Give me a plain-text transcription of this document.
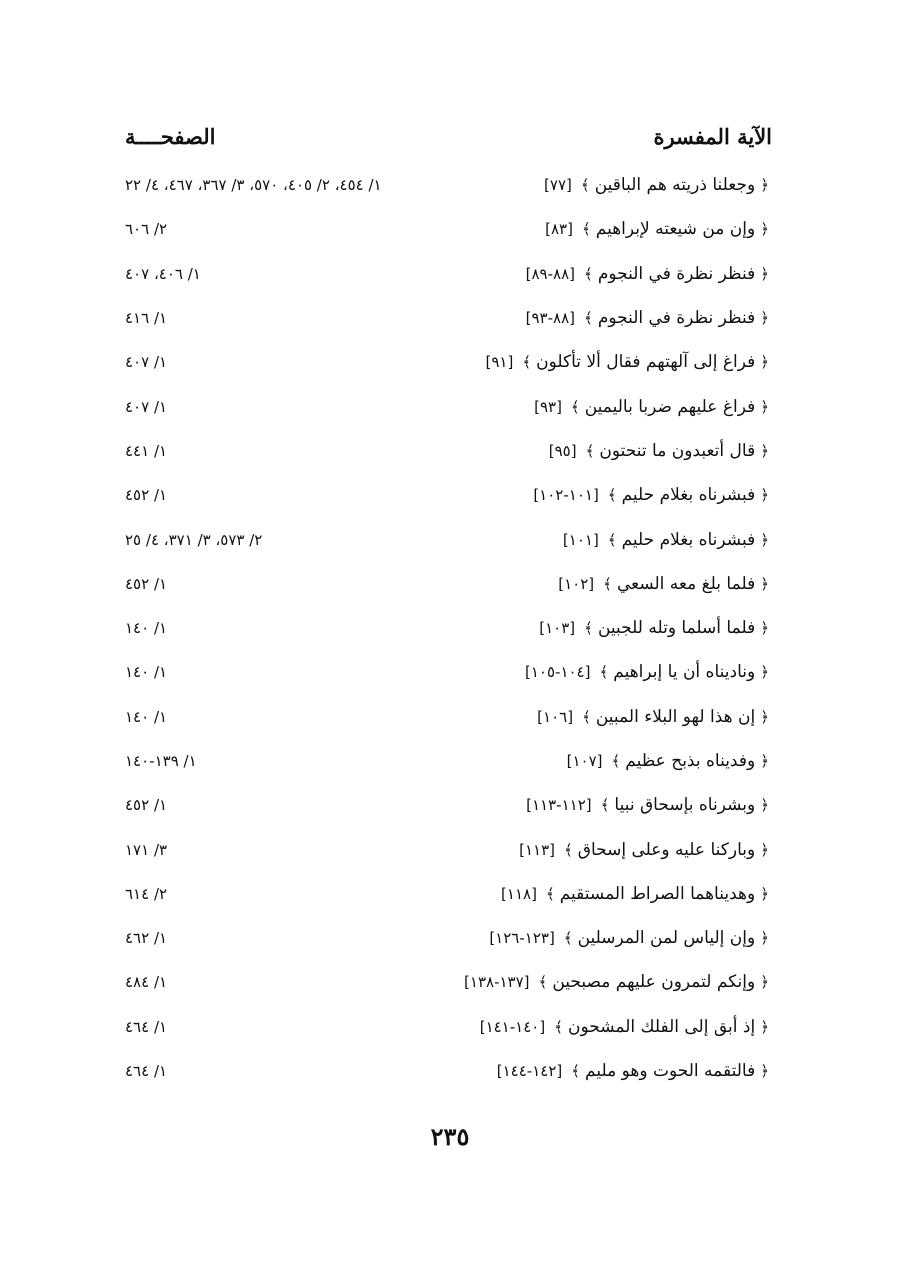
الآية المفسرة
الصفحــــة
﴿
وجعلنا ذريته هم الباقين
﴾
[٧٧]
١/ ٤٥٤، ٢/ ٤٠٥، ٥٧٠، ٣/ ٣٦٧، ٤٦٧، ٤/ ٢٢
﴿
وإن من شيعته لإبراهيم
﴾
[٨٣]
٢/ ٦٠٦
﴿
فنظر نظرة في النجوم
﴾
[٨٨-٨٩]
١/ ٤٠٦، ٤٠٧
﴿
فنظر نظرة في النجوم
﴾
[٨٨-٩٣]
١/ ٤١٦
﴿
فراغ إلى آلهتهم فقال ألا تأكلون
﴾
[٩١]
١/ ٤٠٧
﴿
فراغ عليهم ضربا باليمين
﴾
[٩٣]
١/ ٤٠٧
﴿
قال أتعبدون ما تنحتون
﴾
[٩٥]
١/ ٤٤١
﴿
فبشرناه بغلام حليم
﴾
[١٠١-١٠٢]
١/ ٤٥٢
﴿
فبشرناه بغلام حليم
﴾
[١٠١]
٢/ ٥٧٣، ٣/ ٣٧١، ٤/ ٢٥
﴿
فلما بلغ معه السعي
﴾
[١٠٢]
١/ ٤٥٢
﴿
فلما أسلما وتله للجبين
﴾
[١٠٣]
١/ ١٤٠
﴿
وناديناه أن يا إبراهيم
﴾
[١٠٤-١٠٥]
١/ ١٤٠
﴿
إن هذا لهو البلاء المبين
﴾
[١٠٦]
١/ ١٤٠
﴿
وفديناه بذبح عظيم
﴾
[١٠٧]
١/ ١٣٩-١٤٠
﴿
وبشرناه بإسحاق نبيا
﴾
[١١٢-١١٣]
١/ ٤٥٢
﴿
وباركنا عليه وعلى إسحاق
﴾
[١١٣]
٣/ ١٧١
﴿
وهديناهما الصراط المستقيم
﴾
[١١٨]
٢/ ٦١٤
﴿
وإن إلياس لمن المرسلين
﴾
[١٢٣-١٢٦]
١/ ٤٦٢
﴿
وإنكم لتمرون عليهم مصبحين
﴾
[١٣٧-١٣٨]
١/ ٤٨٤
﴿
إذ أبق إلى الفلك المشحون
﴾
[١٤٠-١٤١]
١/ ٤٦٤
﴿
فالتقمه الحوت وهو مليم
﴾
[١٤٢-١٤٤]
١/ ٤٦٤
٢٣٥
